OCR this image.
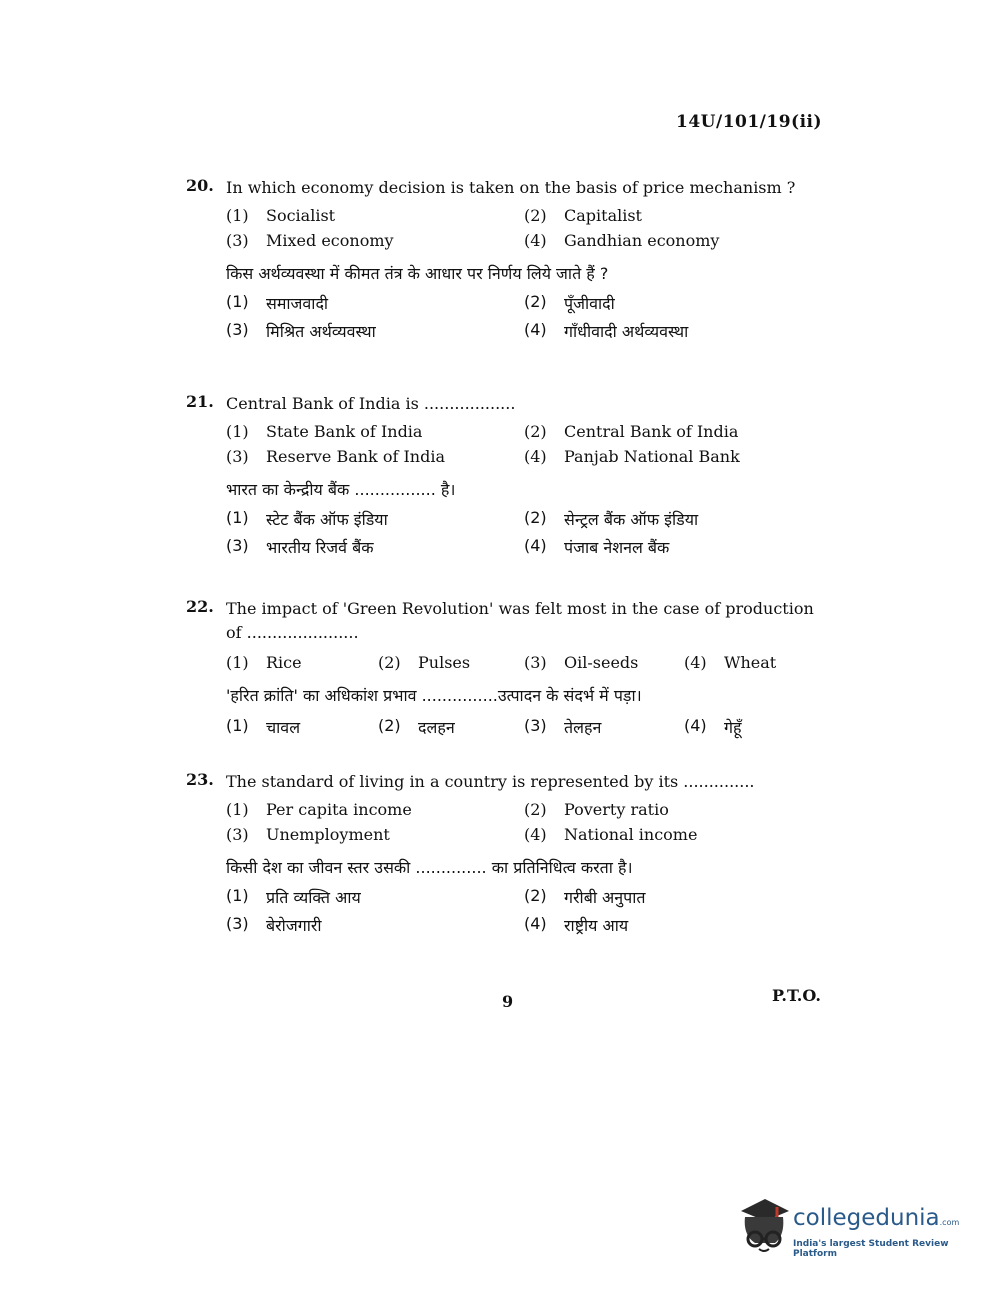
14U/101/19(ii)
20. In which economy decision is taken on the basis of price mechanism ?
(1)	Socialist	(2)	Capitalist
(3)	Mixed economy	(4)	Gandhian economy
किस अर्थव्यवस्था में कीमत तंत्र के आधार पर निर्णय लिये जाते हैं ?
(1)	समाजवादी	(2)	पूँजीवादी
(3)	मिश्रित अर्थव्यवस्था	(4)	गाँधीवादी अर्थव्यवस्था
21. Central Bank of India is ..................
(1)	State Bank of India	(2)	Central Bank of India
(3)	Reserve Bank of India	(4)	Panjab National Bank
भारत का केन्द्रीय बैंक ................ है।
(1)	स्टेट बैंक ऑफ इंडिया	(2)	सेन्ट्रल बैंक ऑफ इंडिया
(3)	भारतीय रिजर्व बैंक	(4)	पंजाब नेशनल बैंक
22. The impact of 'Green Revolution' was felt most in the case of production of ......................
(1)	Rice	(2)	Pulses	(3)	Oil-seeds	(4)	Wheat
'हरित क्रांति' का अधिकांश प्रभाव ...............उत्पादन के संदर्भ में पड़ा।
(1)	चावल	(2)	दलहन	(3)	तेलहन	(4)	गेहूँ
23. The standard of living in a country is represented by its ..............
(1)	Per capita income	(2)	Poverty ratio
(3)	Unemployment	(4)	National income
किसी देश का जीवन स्तर उसकी .............. का प्रतिनिधित्व करता है।
(1)	प्रति व्यक्ति आय	(2)	गरीबी अनुपात
(3)	बेरोजगारी	(4)	राष्ट्रीय आय
9	P.T.O.
collegedunia.com
India's largest Student Review Platform
